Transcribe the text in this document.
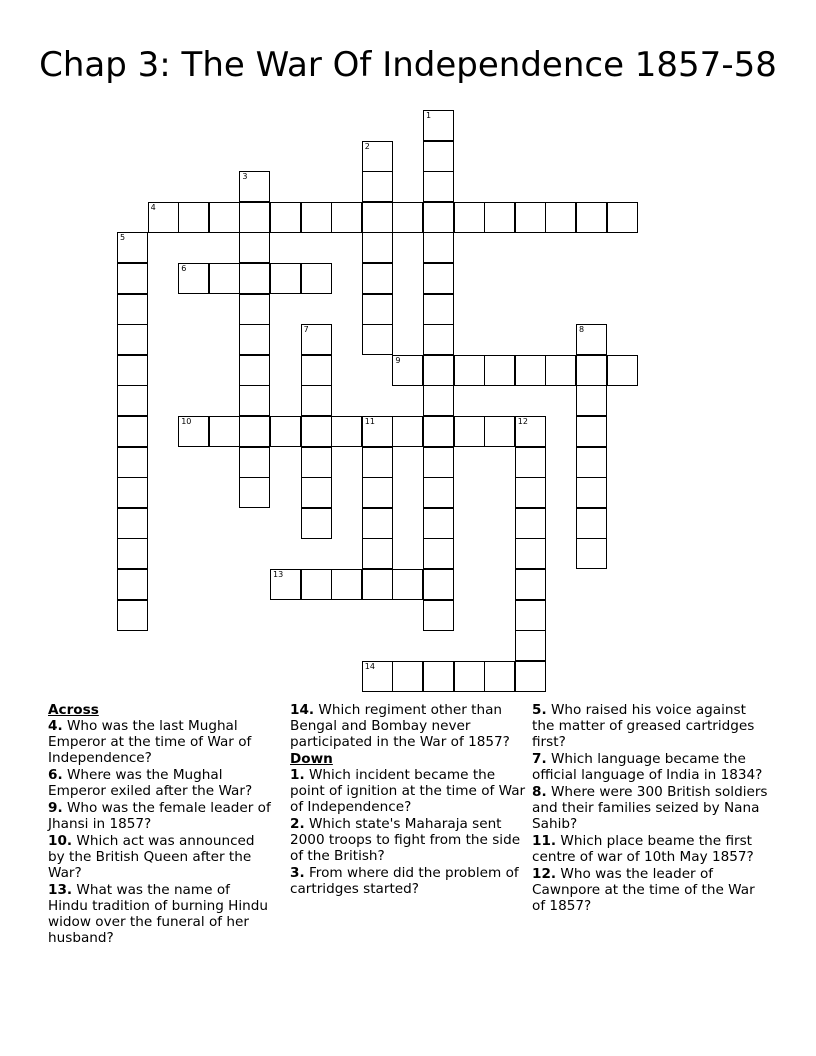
Chap 3: The War Of Independence 1857-58
1
2
3
4
5
6
7	8
9
10	11	12
13
14
Across
4. Who was the last Mughal Emperor at the time of War of Independence?
6. Where was the Mughal Emperor exiled after the War?
9. Who was the female leader of Jhansi in 1857?
10. Which act was announced by the British Queen after the War?
13. What was the name of Hindu tradition of burning Hindu widow over the funeral of her husband?
14. Which regiment other than Bengal and Bombay never participated in the War of 1857?
Down
1. Which incident became the point of ignition at the time of War of Independence?
2. Which state's Maharaja sent 2000 troops to fight from the side of the British?
3. From where did the problem of cartridges started?
5. Who raised his voice against the matter of greased cartridges first?
7. Which language became the official language of India in 1834?
8. Where were 300 British soldiers and their families seized by Nana Sahib?
11. Which place beame the first centre of war of 10th May 1857?
12. Who was the leader of Cawnpore at the time of the War of 1857?
